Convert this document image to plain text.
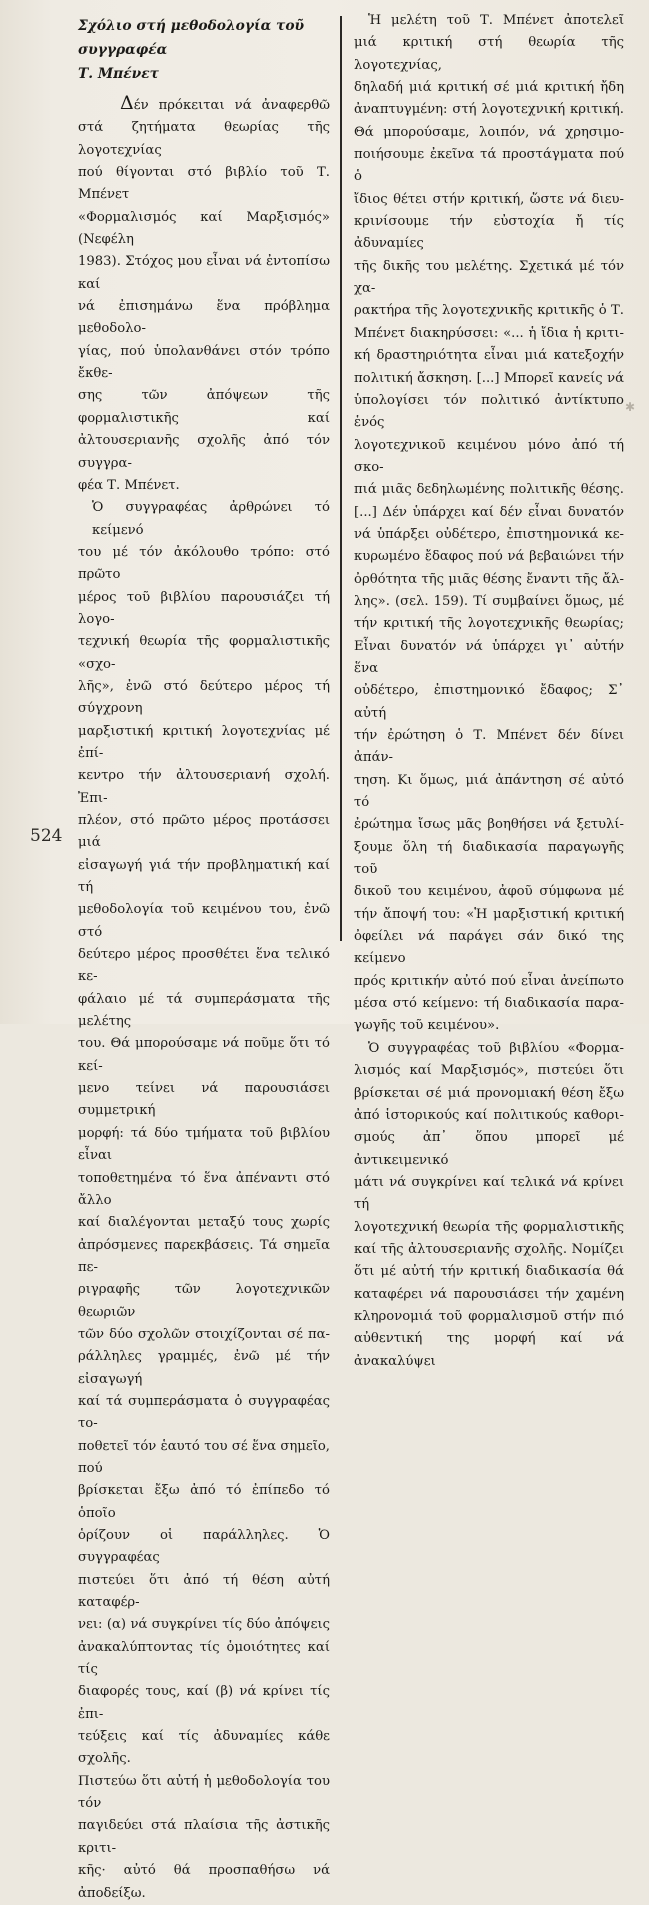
Σχόλιο στή μεθοδολογία τοῦ συγγραφέα
Τ. Μπένετ

Δέν πρόκειται νά ἀναφερθῶ
στά ζητήματα θεωρίας τῆς λογοτεχνίας
πού θίγονται στό βιβλίο τοῦ Τ. Μπένετ
«Φορμαλισμός καί Μαρξισμός» (Νεφέλη
1983). Στόχος μου εἶναι νά ἐντοπίσω καί
νά ἐπισημάνω ἕνα πρόβλημα μεθοδολο-
γίας, πού ὑπολανθάνει στόν τρόπο ἔκθε-
σης τῶν ἀπόψεων τῆς φορμαλιστικῆς καί
ἀλτουσεριανῆς σχολῆς ἀπό τόν συγγρα-
φέα Τ. Μπένετ.

Ὁ συγγραφέας ἀρθρώνει τό κείμενό
του μέ τόν ἀκόλουθο τρόπο: στό πρῶτο
μέρος τοῦ βιβλίου παρουσιάζει τή λογο-
τεχνική θεωρία τῆς φορμαλιστικῆς «σχο-
λῆς», ἐνῶ στό δεύτερο μέρος τή σύγχρονη
μαρξιστική κριτική λογοτεχνίας μέ ἐπί-
κεντρο τήν ἀλτουσεριανή σχολή. Ἐπι-
πλέον, στό πρῶτο μέρος προτάσσει μιά
εἰσαγωγή γιά τήν προβληματική καί τή
μεθοδολογία τοῦ κειμένου του, ἐνῶ στό
δεύτερο μέρος προσθέτει ἕνα τελικό κε-
φάλαιο μέ τά συμπεράσματα τῆς μελέτης
του. Θά μπορούσαμε νά ποῦμε ὅτι τό κεί-
μενο τείνει νά παρουσιάσει συμμετρική
μορφή: τά δύο τμήματα τοῦ βιβλίου εἶναι
τοποθετημένα τό ἕνα ἀπέναντι στό ἄλλο
καί διαλέγονται μεταξύ τους χωρίς
ἀπρόσμενες παρεκβάσεις. Τά σημεῖα πε-
ριγραφῆς τῶν λογοτεχνικῶν θεωριῶν
τῶν δύο σχολῶν στοιχίζονται σέ πα-
ράλληλες γραμμές, ἐνῶ μέ τήν εἰσαγωγή
καί τά συμπεράσματα ὁ συγγραφέας το-
ποθετεῖ τόν ἑαυτό του σέ ἕνα σημεῖο, πού
βρίσκεται ἔξω ἀπό τό ἐπίπεδο τό ὁποῖο
ὁρίζουν οἱ παράλληλες. Ὁ συγγραφέας
πιστεύει ὅτι ἀπό τή θέση αὐτή καταφέρ-
νει: (α) νά συγκρίνει τίς δύο ἀπόψεις
ἀνακαλύπτοντας τίς ὁμοιότητες καί τίς
διαφορές τους, καί (β) νά κρίνει τίς ἐπι-
τεύξεις καί τίς ἀδυναμίες κάθε σχολῆς.
Πιστεύω ὅτι αὐτή ἡ μεθοδολογία του τόν
παγιδεύει στά πλαίσια τῆς ἀστικῆς κριτι-
κῆς· αὐτό θά προσπαθήσω νά ἀποδείξω.

Ἡ μελέτη τοῦ Τ. Μπένετ ἀποτελεῖ
μιά κριτική στή θεωρία τῆς λογοτεχνίας,
δηλαδή μιά κριτική σέ μιά κριτική ἤδη
ἀναπτυγμένη: στή λογοτεχνική κριτική.
Θά μπορούσαμε, λοιπόν, νά χρησιμο-
ποιήσουμε ἐκεῖνα τά προστάγματα πού ὁ
ἴδιος θέτει στήν κριτική, ὥστε νά διευ-
κρινίσουμε τήν εὐστοχία ἤ τίς ἀδυναμίες
τῆς δικῆς του μελέτης. Σχετικά μέ τόν χα-
ρακτήρα τῆς λογοτεχνικῆς κριτικῆς ὁ Τ.
Μπένετ διακηρύσσει: «... ἡ ἴδια ἡ κριτι-
κή δραστηριότητα εἶναι μιά κατεξοχήν
πολιτική ἄσκηση. [...] Μπορεῖ κανείς νά
ὑπολογίσει τόν πολιτικό ἀντίκτυπο ἑνός
λογοτεχνικοῦ κειμένου μόνο ἀπό τή σκο-
πιά μιᾶς δεδηλωμένης πολιτικῆς θέσης.
[...] Δέν ὑπάρχει καί δέν εἶναι δυνατόν
νά ὑπάρξει οὐδέτερο, ἐπιστημονικά κε-
κυρωμένο ἔδαφος πού νά βεβαιώνει τήν
ὀρθότητα τῆς μιᾶς θέσης ἔναντι τῆς ἄλ-
λης». (σελ. 159). Τί συμβαίνει ὅμως, μέ
τήν κριτική τῆς λογοτεχνικῆς θεωρίας;
Εἶναι δυνατόν νά ὑπάρχει γι᾽ αὐτήν ἕνα
οὐδέτερο, ἐπιστημονικό ἔδαφος; Σ᾽ αὐτή
τήν ἐρώτηση ὁ Τ. Μπένετ δέν δίνει ἀπάν-
τηση. Κι ὅμως, μιά ἀπάντηση σέ αὐτό τό
ἐρώτημα ἴσως μᾶς βοηθήσει νά ξετυλί-
ξουμε ὅλη τή διαδικασία παραγωγῆς τοῦ
δικοῦ του κειμένου, ἀφοῦ σύμφωνα μέ
τήν ἄποψή του: «Ἡ μαρξιστική κριτική
ὀφείλει νά παράγει σάν δικό της κείμενο
πρός κριτικήν αὐτό πού εἶναι ἀνείπωτο
μέσα στό κείμενο: τή διαδικασία παρα-
γωγῆς τοῦ κειμένου».

Ὁ συγγραφέας τοῦ βιβλίου «Φορμα-
λισμός καί Μαρξισμός», πιστεύει ὅτι
βρίσκεται σέ μιά προνομιακή θέση ἔξω
ἀπό ἱστορικούς καί πολιτικούς καθορι-
σμούς ἀπ᾽ ὅπου μπορεῖ μέ ἀντικειμενικό
μάτι νά συγκρίνει καί τελικά νά κρίνει τή
λογοτεχνική θεωρία τῆς φορμαλιστικῆς
καί τῆς ἀλτουσεριανῆς σχολῆς. Νομίζει
ὅτι μέ αὐτή τήν κριτική διαδικασία θά
καταφέρει νά παρουσιάσει τήν χαμένη
κληρονομιά τοῦ φορμαλισμοῦ στήν πιό
αὐθεντική της μορφή καί νά ἀνακαλύψει

524
✱
